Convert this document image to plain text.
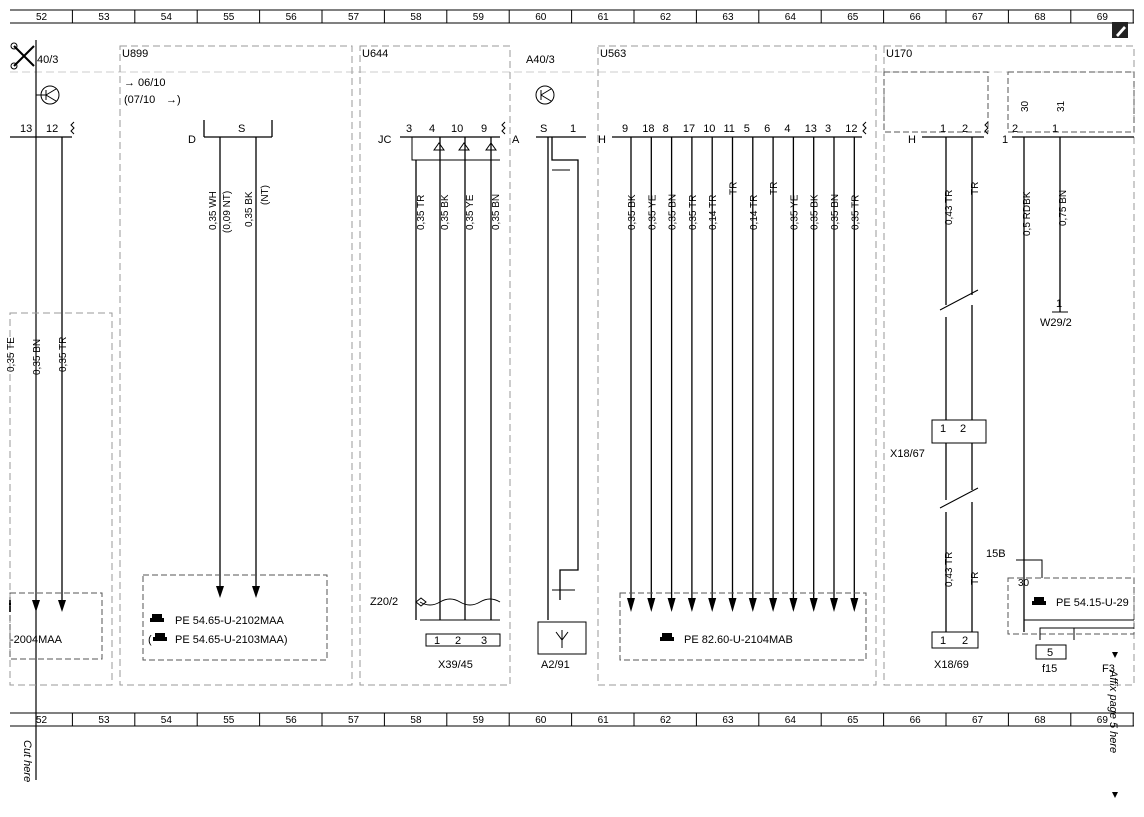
52	53	54	55	56	57	58	59	60	61	62	63	64	65	66	67	68	69
52	53	54	55	56	57	58	59	60	61	62	63	64	65	66	67	68	69
Cut here
Affix page 5 here
40/3
13 12
0,35 TE 0,35 BN 0,35 TR
-2004MAA
U899
→ 06/10
(07/10 →)
D
S
0,35 WH (0,09 NT) 0,35 BK (NT)
PE 54.65-U-2102MAA
( PE 54.65-U-2103MAA)
U644
JC	A
3 4 10 9
0,35 TR 0,35 BK 0,35 YE 0,35 BN
Z20/2
1 2 3
X39/45
A40/3
S 1
A2/91
U563
H
9
0,35 BK
18
0,35 YE
8
0,35 BN
17
0,35 TR
10
0,14 TR
11
TR
5
0,14 TR
6
TR
4
0,35 YE
13
0,35 BK
3
0,35 BN
12
0,35 TR
PE 82.60-U-2104MAB
U170
H
1 2
0,43 TR
TR
1 2
X18/67
0,43 TR TR
1 2
X18/69
1
30	31
2	1
0,5 RDBK	0,75 BN
1
W29/2
15B
30
PE 54.15-U-29
5
f15	F3
